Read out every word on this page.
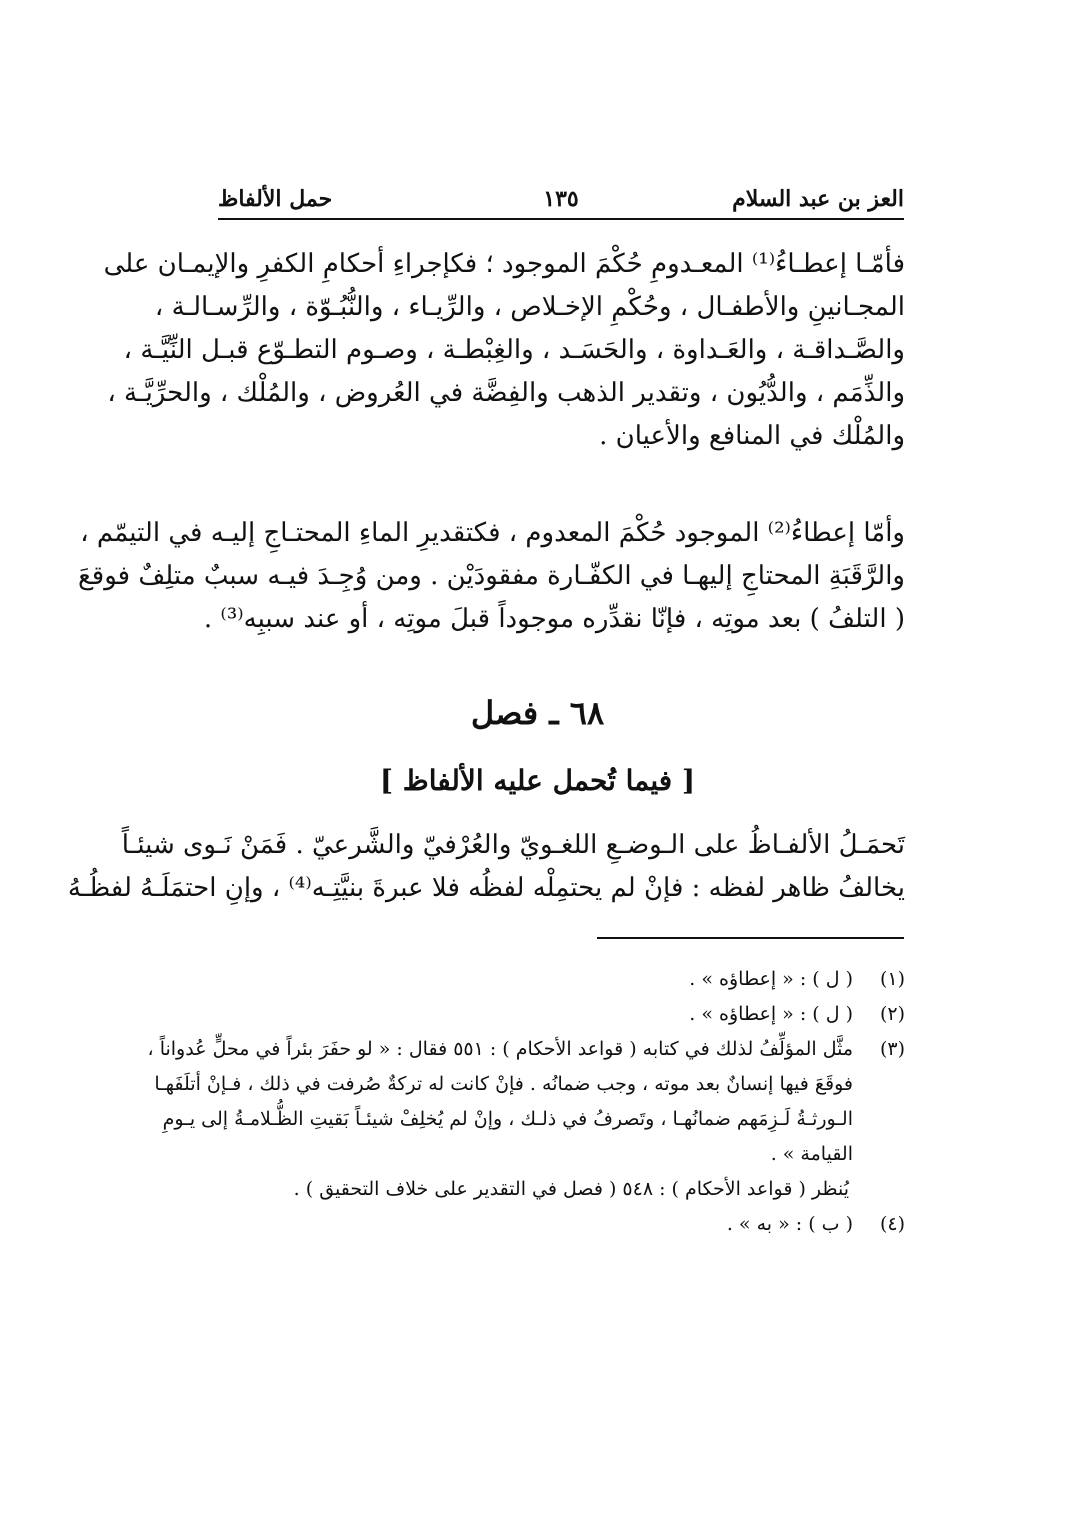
العز بن عبد السلام
١٣٥
حمل الألفاظ
فأمّـا إعطـاءُ⁽¹⁾ المعـدومِ حُكْمَ الموجود ؛ فكإجراءِ أحكامِ الكفرِ والإيمـان على
المجـانينِ والأطفـال ، وحُكْمِ الإخـلاص ، والرِّيـاء ، والنُّبُـوّة ، والرِّسـالـة ،
والصَّـداقـة ، والعَـداوة ، والحَسَـد ، والغِبْطـة ، وصـوم التطـوّع قبـل النِّيَّـة ،
والذِّمَم ، والدُّيُون ، وتقدير الذهب والفِضَّة في العُروض ، والمُلْك ، والحرِّيَّـة ،
والمُلْك في المنافع والأعيان .
وأمّا إعطاءُ⁽²⁾ الموجود حُكْمَ المعدوم ، فكتقديرِ الماءِ المحتـاجِ إليـه في التيمّم ،
والرَّقَبَةِ المحتاجِ إليهـا في الكفّـارة مفقودَيْن . ومن وُجِـدَ فيـه سببٌ متلِفٌ فوقعَ
( التلفُ ) بعد موتِه ، فإنّا نقدِّره موجوداً قبلَ موتِه ، أو عند سببِه⁽³⁾ .
٦٨ ـ فصل
[ فيما تُحمل عليه الألفاظ ]
تَحمَـلُ الألفـاظُ على الـوضـعِ اللغـويّ والعُرْفيّ والشَّرعيّ . فَمَنْ نَـوى شيئـاً
يخالفُ ظاهر لفظه : فإنْ لم يحتمِلْه لفظُه فلا عبرةَ بنيَّتِـه⁽⁴⁾ ، وإنِ احتمَلَـهُ لفظُـهُ
(١)
( ل ) : « إعطاؤه » .
(٢)
( ل ) : « إعطاؤه » .
(٣)
مثَّل المؤلِّفُ لذلك في كتابه ( قواعد الأحكام ) : ٥٥١ فقال : « لو حفَرَ بئراً في محلٍّ عُدواناً ،
فوقَعَ فيها إنسانٌ بعد موته ، وجب ضمانُه . فإنْ كانت له تركةٌ صُرفت في ذلك ، فـإنْ أتلَفَهـا
الـورثـةُ لَـزِمَهم ضمانُهـا ، وتَصرفُ في ذلـك ، وإنْ لم يُخلِفْ شيئـاً بَقيتِ الظُّـلامـةُ إلى يـومِ
القيامة » .
يُنظر ( قواعد الأحكام ) : ٥٤٨ ( فصل في التقدير على خلاف التحقيق ) .
(٤)
( ب ) : « به » .
